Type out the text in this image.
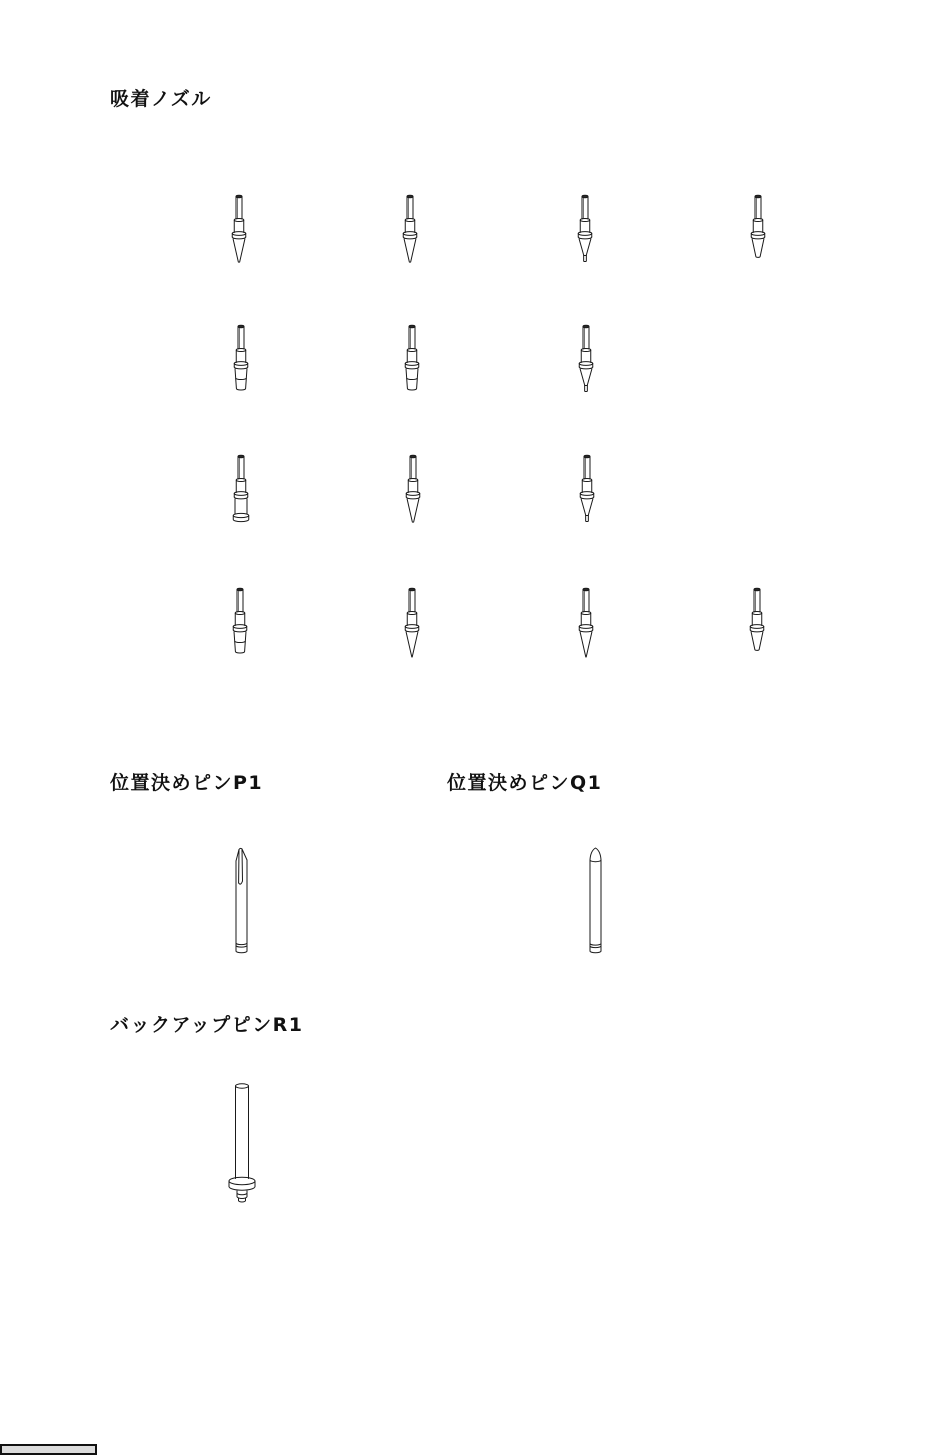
吸着ノズル
位置決めピンP1	位置決めピンQ1
バックアップピンR1
